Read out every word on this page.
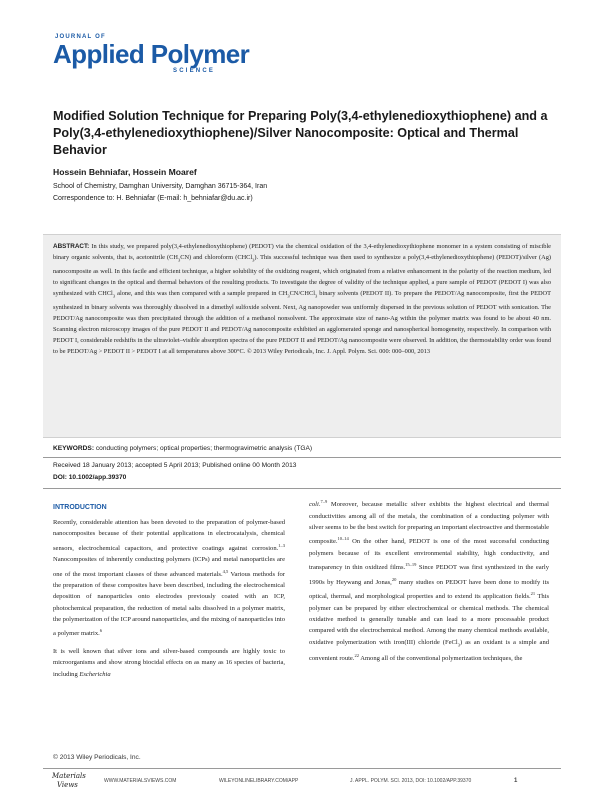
JOURNAL OF
Applied Polymer
SCIENCE
Modified Solution Technique for Preparing Poly(3,4-ethylenedioxythiophene) and a Poly(3,4-ethylenedioxythiophene)/Silver Nanocomposite: Optical and Thermal Behavior
Hossein Behniafar, Hossein Moaref
School of Chemistry, Damghan University, Damghan 36715-364, Iran
Correspondence to: H. Behniafar (E-mail: h_behniafar@du.ac.ir)
ABSTRACT: In this study, we prepared poly(3,4-ethylenedioxythiophene) (PEDOT) via the chemical oxidation of the 3,4-ethylenedioxythiophene monomer in a system consisting of miscible binary organic solvents, that is, acetonitrile $(CH_3CN)$ and chloroform (CHCl$_3$). This successful technique was then used to synthesize a poly(3,4-ethylenedioxythiophene) (PEDOT)/silver (Ag) nanocomposite as well. In this facile and efficient technique, a higher solubility of the oxidizing reagent, which originated from a relative enhancement in the polarity of the reaction medium, led to significant changes in the optical and thermal behaviors of the resulting products. To investigate the degree of validity of the technique applied, a pure sample of PEDOT (PEDOT I) was also synthesized with CHCl$_3$ alone, and this was then compared with a sample prepared in $CH_3CN/CHCl_3$ binary solvents (PEDOT II). To prepare the PEDOT/Ag nanocomposite, first the PEDOT synthesized in binary solvents was thoroughly dissolved in a dimethyl sulfoxide solvent. Next, Ag nanopowder was uniformly dispersed in the previous solution of PEDOT with sonication. The PEDOT/Ag nanocomposite was then precipitated through the addition of a methanol nonsolvent. The approximate size of nano-Ag within the polymer matrix was found to be about 40 nm. Scanning electron microscopy images of the pure PEDOT II and PEDOT/Ag nanocomposite exhibited an agglomerated sponge and nanospherical homogeneity, respectively. In comparison with PEDOT I, considerable redshifts in the ultraviolet–visible absorption spectra of the pure PEDOT II and PEDOT/Ag nanocomposite were observed. In addition, the thermostability order was found to be PEDOT/Ag > PEDOT II > PEDOT I at all temperatures above 300°C. © 2013 Wiley Periodicals, Inc. J. Appl. Polym. Sci. 000: 000–000, 2013
KEYWORDS: conducting polymers; optical properties; thermogravimetric analysis (TGA)
Received 18 January 2013; accepted 5 April 2013; Published online 00 Month 2013
DOI: 10.1002/app.39370
INTRODUCTION

Recently, considerable attention has been devoted to the preparation of polymer-based nanocomposites because of their potential applications in electrocatalysis, chemical sensors, electrochemical capacitors, and protective coatings against corrosion.$^{1-3}$ Nanocomposites of inherently conducting polymers (ICPs) and metal nanoparticles are one of the most important classes of these advanced materials.$^{4,5}$ Various methods for the preparation of these composites have been described, including the electrochemical deposition of nanoparticles onto electrodes previously coated with an ICP, photochemical preparation, the reduction of metal salts dissolved in a polymer matrix, the polymerization of the ICP around nanoparticles, and the mixing of nanoparticles into a polymer matrix.$^6$

It is well known that silver ions and silver-based compounds are highly toxic to microorganisms and show strong biocidal effects on as many as 16 species of bacteria, including Escherichia

coli.$^{7-9}$ Moreover, because metallic silver exhibits the highest electrical and thermal conductivities among all of the metals, the combination of a conducting polymer with silver seems to be the best switch for preparing an important electroactive and thermostable composite.$^{10-14}$ On the other hand, PEDOT is one of the most successful conducting polymers because of its excellent environmental stability, high conductivity, and transparency in thin oxidized films.$^{15-19}$ Since PEDOT was first synthesized in the early 1990s by Heywang and Jonas,$^{20}$ many studies on PEDOT have been done to modify its optical, thermal, and morphological properties and to extend its application fields.$^{21}$ This polymer can be prepared by either electrochemical or chemical methods. The chemical oxidative method is generally tunable and can lead to a more processable product compared with the electrochemical method. Among the many chemical methods available, oxidative polymerization with iron(III) chloride (FeCl$_3$) as an oxidant is a simple and convenient route.$^{22}$ Among all of the conventional polymerization techniques, the

© 2013 Wiley Periodicals, Inc.
Materials
Views	WWW.MATERIALSVIEWS.COM	WILEYONLINELIBRARY.COM/APP	J. APPL. POLYM. SCI. 2013, DOI: 10.1002/APP.39370	1
